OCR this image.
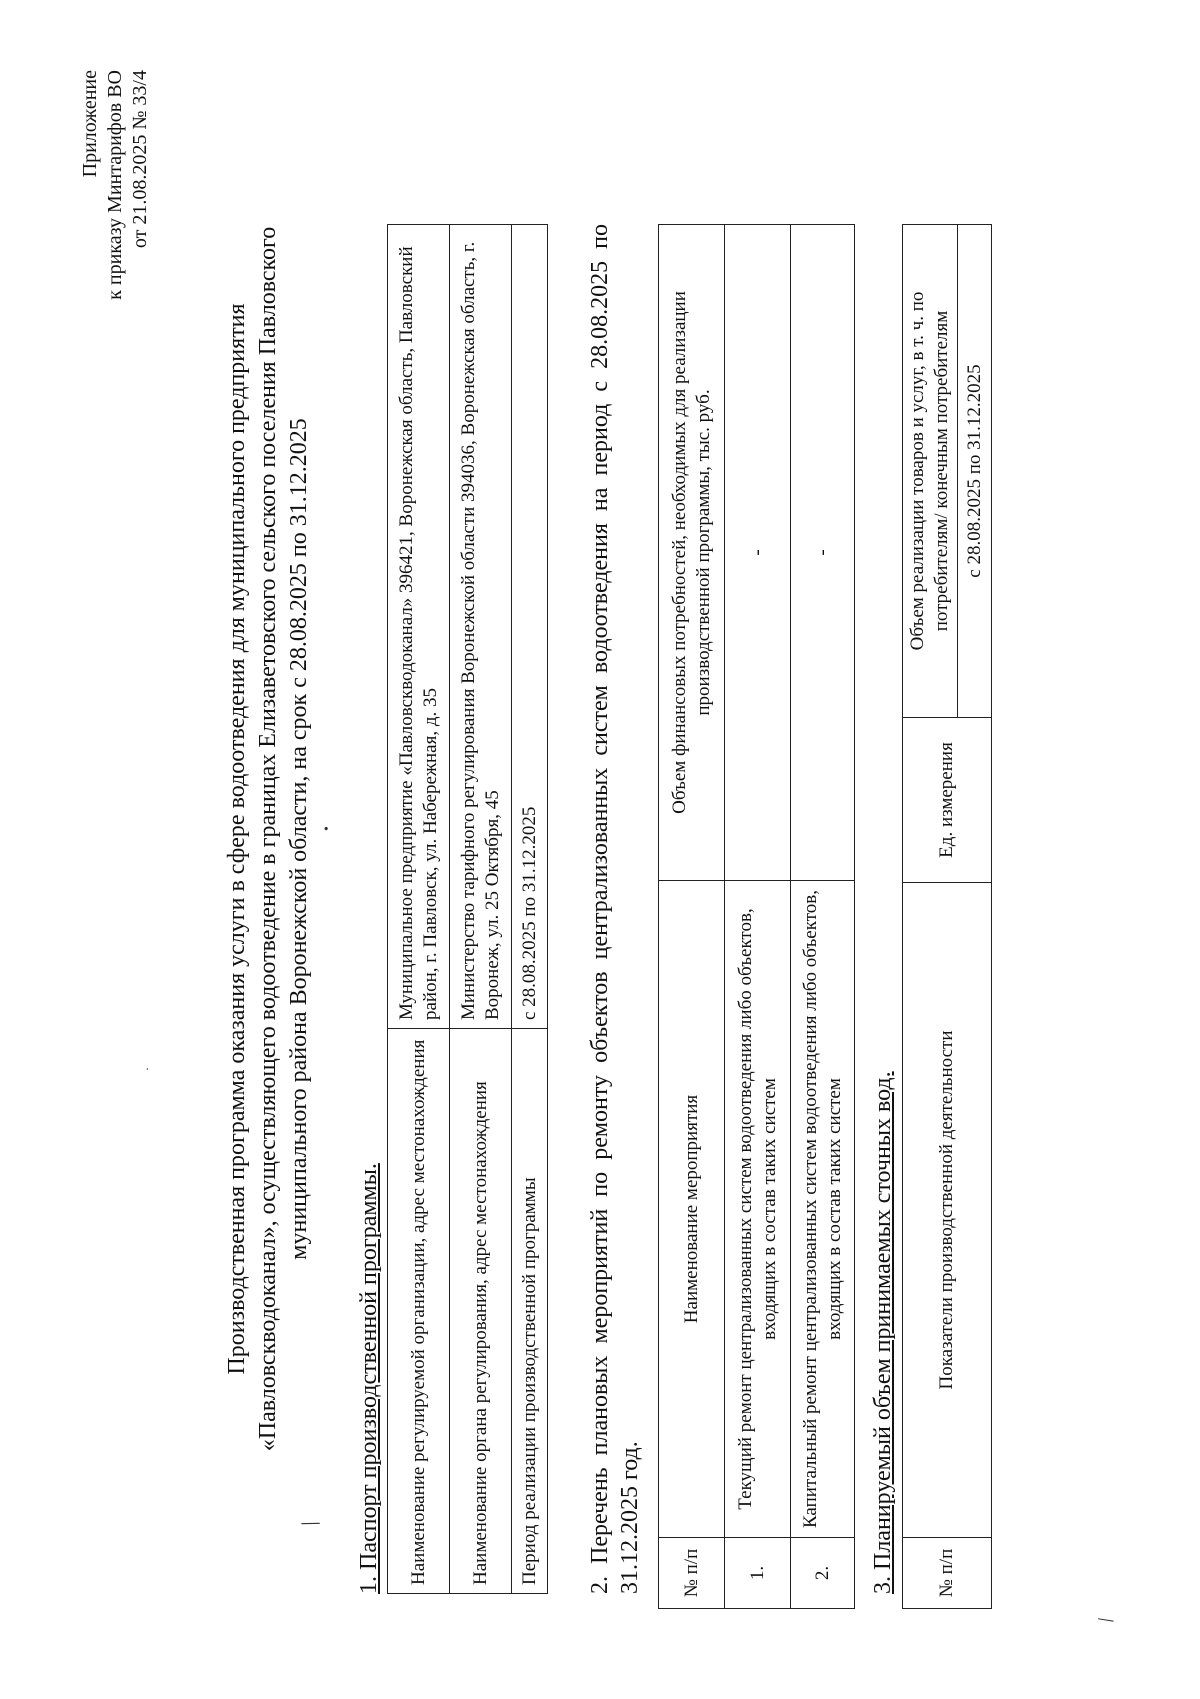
Приложение к приказу Минтарифов ВО от 21.08.2025 № 33/4
Производственная программа оказания услуги в сфере водоотведения для муниципального предприятия «Павловскводоканал», осуществляющего водоотведение в границах Елизаветовского сельского поселения Павловского муниципального района Воронежской области, на срок с 28.08.2025 по 31.12.2025
1. Паспорт производственной программы. Наименование регулируемой организации, адрес местонахождения	Муниципальное предприятие «Павловскводоканал» 396421, Воронежская область, Павловский район, г. Павловск, ул. Набережная, д. 35
Наименование органа регулирования, адрес местонахождения	Министерство тарифного регулирования Воронежской области 394036, Воронежская область, г. Воронеж, ул. 25 Октября, 45
Период реализации производственной программы	с 28.08.2025 по 31.12.2025 2. Перечень плановых мероприятий по ремонту объектов централизованных систем водоотведения на период с 28.08.2025 по 31.12.2025 год. № п/п	Наименование мероприятия	Объем финансовых потребностей, необходимых для реализации производственной программы, тыс. руб.
1.	Текущий ремонт централизованных систем водоотведения либо объектов, входящих в состав таких систем	-
2.	Капитальный ремонт централизованных систем водоотведения либо объектов, входящих в состав таких систем	-
3. Планируемый объем принимаемых сточных вод. № п/п	Показатели производственной деятельности	Ед. измерения	Объем реализации товаров и услуг, в т. ч. по потребителям/ конечным потребителям
с 28.08.2025 по 31.12.2025
/
/
•
·
